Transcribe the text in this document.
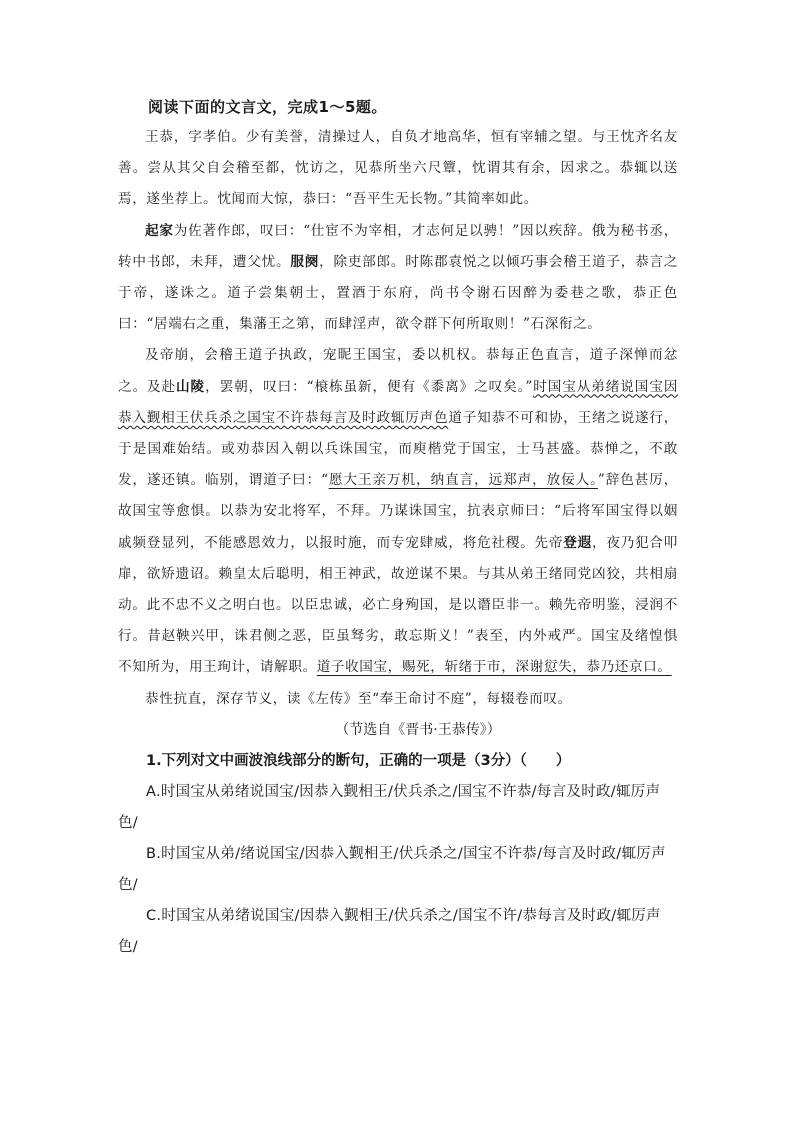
阅读下面的文言文，完成1～5题。

王恭，字孝伯。少有美誉，清操过人，自负才地高华，恒有宰辅之望。与王忱齐名友善。尝从其父自会稽至都，忱访之，见恭所坐六尺簟，忱谓其有余，因求之。恭辄以送焉，遂坐荐上。忱闻而大惊，恭曰：“吾平生无长物。”其简率如此。

起家为佐著作郎，叹曰：“仕宦不为宰相，才志何足以骋！”因以疾辞。俄为秘书丞，转中书郎，未拜，遭父忧。服阕，除吏部郎。时陈郡袁悦之以倾巧事会稽王道子，恭言之于帝，遂诛之。道子尝集朝士，置酒于东府，尚书令谢石因醉为委巷之歌，恭正色曰：“居端右之重，集藩王之第，而肆淫声，欲令群下何所取则！”石深衔之。

及帝崩，会稽王道子执政，宠昵王国宝，委以机权。恭每正色直言，道子深惮而忿之。及赴山陵，罢朝，叹曰：“榱栋虽新，便有《黍离》之叹矣。”时国宝从弟绪说国宝因恭入觐相王伏兵杀之国宝不许恭每言及时政辄厉声色道子知恭不可和协，王绪之说遂行，于是国难始结。或劝恭因入朝以兵诛国宝，而庾楷党于国宝，士马甚盛。恭惮之，不敢发，遂还镇。临别，谓道子曰：“愿大王亲万机，纳直言，远郑声，放佞人。”辞色甚厉，故国宝等愈惧。以恭为安北将军，不拜。乃谋诛国宝，抗表京师曰：“后将军国宝得以姻戚频登显列，不能感恩效力，以报时施，而专宠肆威，将危社稷。先帝登遐，夜乃犯合叩扉，欲矫遗诏。赖皇太后聪明，相王神武，故逆谋不果。与其从弟王绪同党凶狡，共相扇动。此不忠不义之明白也。以臣忠诚，必亡身殉国，是以谮臣非一。赖先帝明鉴，浸润不行。昔赵鞅兴甲，诛君侧之恶，臣虽驽劣，敢忘斯义！”表至，内外戒严。国宝及绪惶惧不知所为，用王珣计，请解职。道子收国宝，赐死，斩绪于市，深谢愆失，恭乃还京口。

恭性抗直，深存节义，读《左传》至“奉王命讨不庭”，每辍卷而叹。

（节选自《晋书·王恭传》）

1.下列对文中画波浪线部分的断句，正确的一项是（3分）（　　）

A.时国宝从弟绪说国宝/因恭入觐相王/伏兵杀之/国宝不许恭/每言及时政/辄厉声色/

B.时国宝从弟/绪说国宝/因恭入觐相王/伏兵杀之/国宝不许恭/每言及时政/辄厉声色/

C.时国宝从弟绪说国宝/因恭入觐相王/伏兵杀之/国宝不许/恭每言及时政/辄厉声色/
